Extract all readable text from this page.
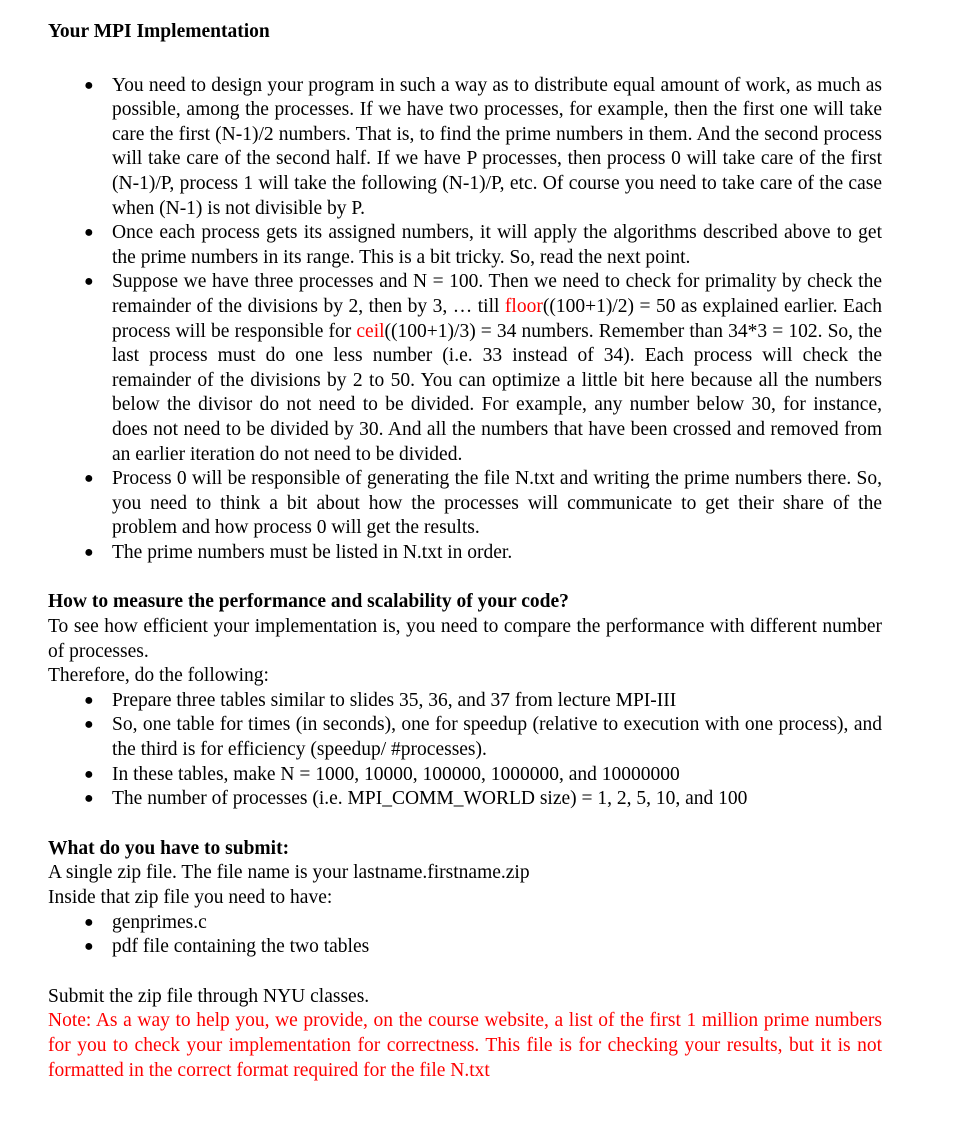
Your MPI Implementation
● You need to design your program in such a way as to distribute equal amount of work, as much as possible, among the processes. If we have two processes, for example, then the first one will take care the first (N-1)/2 numbers. That is, to find the prime numbers in them. And the second process will take care of the second half. If we have P processes, then process 0 will take care of the first (N-1)/P, process 1 will take the following (N-1)/P, etc. Of course you need to take care of the case when (N-1) is not divisible by P.
● Once each process gets its assigned numbers, it will apply the algorithms described above to get the prime numbers in its range. This is a bit tricky. So, read the next point.
● Suppose we have three processes and N = 100. Then we need to check for primality by check the remainder of the divisions by 2, then by 3, … till floor((100+1)/2) = 50 as explained earlier. Each process will be responsible for ceil((100+1)/3) = 34 numbers. Remember than 34*3 = 102. So, the last process must do one less number (i.e. 33 instead of 34). Each process will check the remainder of the divisions by 2 to 50. You can optimize a little bit here because all the numbers below the divisor do not need to be divided. For example, any number below 30, for instance, does not need to be divided by 30. And all the numbers that have been crossed and removed from an earlier iteration do not need to be divided.
● Process 0 will be responsible of generating the file N.txt and writing the prime numbers there. So, you need to think a bit about how the processes will communicate to get their share of the problem and how process 0 will get the results.
● The prime numbers must be listed in N.txt in order.
How to measure the performance and scalability of your code?

To see how efficient your implementation is, you need to compare the performance with different number of processes.

Therefore, do the following:

● Prepare three tables similar to slides 35, 36, and 37 from lecture MPI-III
● So, one table for times (in seconds), one for speedup (relative to execution with one process), and the third is for efficiency (speedup/ #processes).
● In these tables, make N = 1000, 10000, 100000, 1000000, and 10000000
● The number of processes (i.e. MPI_COMM_WORLD size) = 1, 2, 5, 10, and 100
What do you have to submit:

A single zip file. The file name is your lastname.firstname.zip

Inside that zip file you need to have:

● genprimes.c
● pdf file containing the two tables

Submit the zip file through NYU classes.

Note: As a way to help you, we provide, on the course website, a list of the first 1 million prime numbers for you to check your implementation for correctness. This file is for checking your results, but it is not formatted in the correct format required for the file N.txt
